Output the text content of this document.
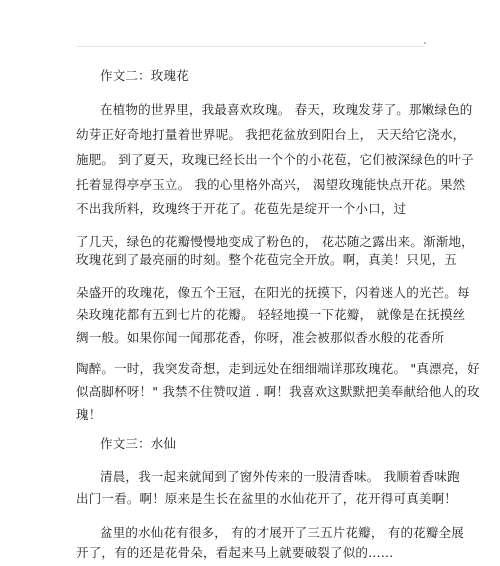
作文二：玫瑰花
在植物的世界里，我最喜欢玫瑰。 春天，玫瑰发芽了。那嫩绿色的
幼芽正好奇地打量着世界呢。 我把花盆放到阳台上， 天天给它浇水，
施肥。 到了夏天，玫瑰已经长出一个个的小花苞，它们被深绿色的叶子
托着显得亭亭玉立。 我的心里格外高兴， 渴望玫瑰能快点开花。果然
不出我所料，玫瑰终于开花了。花苞先是绽开一个小口，过
了几天，绿色的花瓣慢慢地变成了粉色的， 花芯随之露出来。渐渐地，
玫瑰花到了最亮丽的时刻。整个花苞完全开放。啊，真美！只见，五
朵盛开的玫瑰花，像五个王冠，在阳光的抚摸下，闪着迷人的光芒。每
朵玫瑰花都有五到七片的花瓣。 轻轻地摸一下花瓣， 就像是在抚摸丝
绸一般。如果你闻一闻那花香，你呀，准会被那似香水般的花香所
陶醉。一时，我突发奇想，走到远处在细细端详那玫瑰花。 "真漂亮，好
似高脚杯呀！" 我禁不住赞叹道 . 啊！我喜欢这默默把美奉献给他人的玫
瑰！
作文三：水仙
清晨，我一起来就闻到了窗外传来的一股清香味。 我顺着香味跑
出门一看。啊！原来是生长在盆里的水仙花开了，花开得可真美啊！
盆里的水仙花有很多， 有的才展开了三五片花瓣， 有的花瓣全展
开了，有的还是花骨朵，看起来马上就要破裂了似的……
